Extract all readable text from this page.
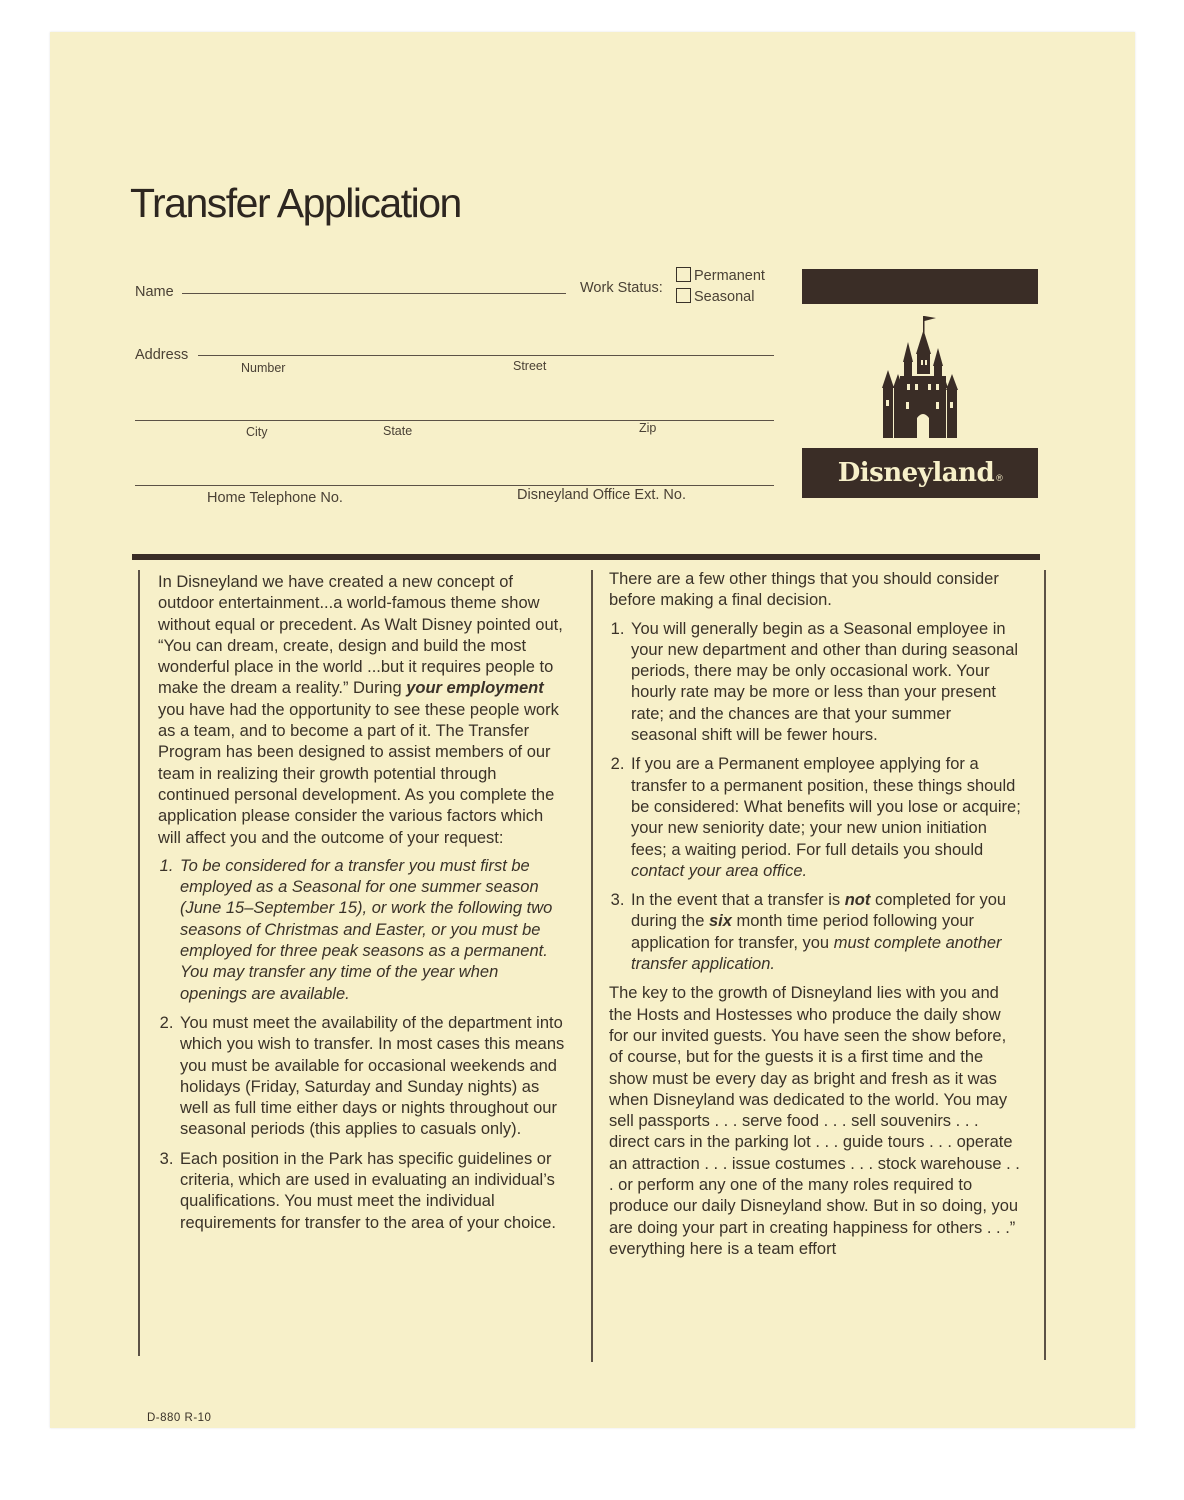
Transfer Application
Name	Work Status:
Permanent
Seasonal
Address
Number	Street
City	State	Zip
Home Telephone No.	Disneyland Office Ext. No.
Disneyland ®

In Disneyland we have created a new concept of outdoor entertainment...a world-famous theme show without equal or precedent. As Walt Disney pointed out, “You can dream, create, design and build the most wonderful place in the world ...but it requires people to make the dream a reality.” During your employment you have had the opportunity to see these people work as a team, and to become a part of it. The Transfer Program has been designed to assist members of our team in realizing their growth potential through continued personal development. As you complete the application please consider the various factors which will affect you and the outcome of your request:

1. To be considered for a transfer you must first be employed as a Seasonal for one summer season (June 15–September 15), or work the following two seasons of Christmas and Easter, or you must be employed for three peak seasons as a permanent. You may transfer any time of the year when openings are available.
2. You must meet the availability of the department into which you wish to transfer. In most cases this means you must be available for occasional weekends and holidays (Friday, Saturday and Sunday nights) as well as full time either days or nights throughout our seasonal periods (this applies to casuals only).
3. Each position in the Park has specific guidelines or criteria, which are used in evaluating an individual’s qualifications. You must meet the individual requirements for transfer to the area of your choice.

There are a few other things that you should consider before making a final decision.

1. You will generally begin as a Seasonal employee in your new department and other than during seasonal periods, there may be only occasional work. Your hourly rate may be more or less than your present rate; and the chances are that your summer seasonal shift will be fewer hours.
2. If you are a Permanent employee applying for a transfer to a permanent position, these things should be considered: What benefits will you lose or acquire; your new seniority date; your new union initiation fees; a waiting period. For full details you should contact your area office.
3. In the event that a transfer is not completed for you during the six month time period following your application for transfer, you must complete another transfer application.

The key to the growth of Disneyland lies with you and the Hosts and Hostesses who produce the daily show for our invited guests. You have seen the show before, of course, but for the guests it is a first time and the show must be every day as bright and fresh as it was when Disneyland was dedicated to the world. You may sell passports . . . serve food . . . sell souvenirs . . . direct cars in the parking lot . . . guide tours . . . operate an attraction . . . issue costumes . . . stock warehouse . . . or perform any one of the many roles required to produce our daily Disneyland show. But in so doing, you are doing your part in creating happiness for others . . .” everything here is a team effort

D-880 R-10
